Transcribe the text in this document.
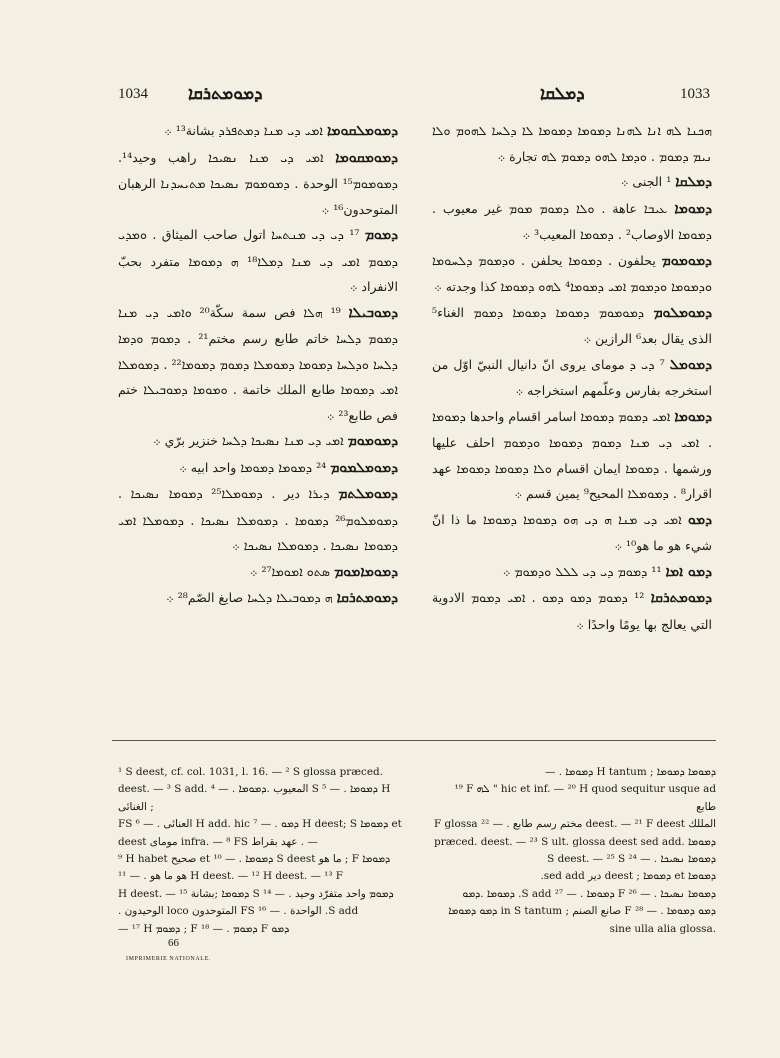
1034 ܕܡܘܡܬܪܩܐ	ܕܡܠܩܐ	1033

ܕܡܘܡܠܩܘܡܐ ܐܡܝ ܕܝ ܡܢܐ ܕܡܬܦܪܕ بشانة¹³ ܀

ܕܡܘܡܩܘܡܐ ܐܡܝ ܕܝ ܡܢܐ ܢܣܝܟܐ راهب وحيد¹⁴. ܕܡܘܡܘܡ¹⁵ الوحدة . ܕܡܘܡܘܡ ܢܣܝܟܐ ܡܬܝܚܕܢܐ الرهبان المتوحدون¹⁶ ܀

ܕܡܘܡ ¹⁷ ܕܝ ܕܝ ܡܢܬܚܐ اتول صاحب الميثاق . ܘܡܕܝ ܕܡܘܡ ܐܡܝ ܕܝ ܡܢܐ ܕܡܠܐ¹⁸ ܗ ܕܡܘܡܐ متفرد بحبّ الانفراد ܀

ܕܡܘܒܝܠܐ ¹⁹ ܗܠܐ فص سمة سكّة²⁰ ܘܐܡܝ ܕܝ ܡܢܐ ܕܡܘܡ ܕܠܚܐ خاتم طابع رسم مختم²¹ . ܕܡܘܡ ܘܕܡܐ ܕܠܚܐ ܘܕܠܚܐ ܕܡܘܡܐ ܕܡܘܡܠܐ ܕܡܘܡ ܕܡܘܡܐ²² . ܕܡܘܡܠܐ ܐܡܝ ܕܡܘܡܐ طابع الملك خاتمة . ܘܡܘܡܐ ܕܡܘܒܝܠܐ ختم فص طابع²³ ܀

ܕܡܘܡܘܡ ܐܡܝ ܕܝ ܡܢܐ ܢܣܝܟܐ ܕܠܚܐ خنزير برّي ܀

ܕܡܘܡܠܡܘܡ ²⁴ ܕܡܘܡܐ ܕܡܘܡܐ واحد ابيه ܀

ܕܡܘܡܠܬܡ ܕܝܪܐ دير . ܕܡܘܡܠܐ²⁵ ܕܡܘܡܐ ܢܣܝܟܐ . ܕܡܘܡܠܘܡ²⁶ ܕܡܘܡܐ . ܕܡܘܡܠܐ ܢܣܝܟܐ . ܕܡܘܡܠܐ ܐܡܝ ܕܡܘܡܐ ܢܣܝܟܐ . ܕܡܘܡܠܐ ܢܣܝܟܐ ܀

ܕܡܘܡܐܡܘܡ ܣܬܘ ܐܡܘܡܐ²⁷ ܀

ܕܡܘܡܬܪܩܐ ܗ ܕܡܘܒܝܠܐ ܕܠܚܐ صايغ الصّم²⁸ ܀

ܗܟܢܐ ܠܗ ܐܢܐ ܠܗܢܐ ܕܡܘܡܐ ܕܡܘܡܐ ܠܐ ܕܠܚܐ ܠܗܘܡ ܘܠܐ ܢܝܡ ܕܡܘܡ . ܘܕܡܐ ܠܗܘ ܕܡܘܡ ܠܗ تجارة ܀

ܕܡܠܩܐ ¹ الجنى ܀

ܕܡܘܡܐ ܥܝܒܐ عاهة . ܘܠܐ ܕܡܘܡ ܡܘܡ غير معيوب . ܕܡܘܡܐ الاوصاب² . ܕܡܘܡܐ المعيب³ ܀

ܕܡܘܡܘܡ يحلفون . ܕܡܘܡܐ يحلفن . ܘܕܡܘܡ ܕܠܚܘܡܐ ܘܕܡܘܡܐ ܘܕܡܘܡ ܐܡܝ ܕܡܘܡܐ⁴ ܠܗܘ ܕܡܘܡܐ كذا وجدته ܀

ܕܡܘܡܠܘܡ ܕܡܘܡܘܡ ܕܡܘܡܐ ܕܡܘܡܐ ܕܡܘܡ الغناء⁵ الذى يقال بعد⁶ الرازين ܀

ܕܡܘܡܠ ⁷ ܕܝ ܕ موماى يروى انّ دانيال النبيّ اوّل من استخرجه بفارس وعلّمهم استخراجه ܀

ܕܡܘܡܐ ܐܡܝ ܕܡܘܡ ܕܡܘܡܐ اسامر اقسام واحدها ܕܡܘܡܐ . ܐܡܝ ܕܝ ܡܢܐ ܕܡܘܡ ܕܡܘܡܐ ܘܕܡܘܡ احلف عليها ورشمها . ܕܡܘܡܐ ايمان اقسام ܘܠܐ ܕܡܘܡܐ ܕܡܘܡܐ عهد اقرار⁸ . ܕܡܘܡܠܐ المحيح⁹ يمين قسم ܀

ܕܡܘ ܐܡܝ ܕܝ ܡܢܐ ܗ ܕܝ ܗܘ ܕܡܘܡܐ ܕܡܘܡܐ ما ذا انّ شيء هو ما هو¹⁰ ܀

ܕܡܘ ܐܡܐ ¹¹ ܕܡܘܡ ܕܝ ܕܝ ܠܠܠ ܘܕܡܘܡ ܀

ܕܡܘܡܬܪܩܐ ¹² ܕܡܘܡ ܕܡܘ ܕܡܘ . ܐܡܝ ܕܡܘܡ الادوية التي يعالج بها يومًا واحدًا ܀

¹ S deest, cf. col. 1031, l. 16. — ² S glossa præced. deest. — ³ S add. المعيوب .ܕܡܘܡܐ . — ⁴ S ܕܡܘܡܐ . — ⁵ H الغنائى ;

FS العنائى . — ⁶ H add. hic ܕܡܘ . — ⁷ H deest; S ܕܡܘܡܐ et deest موماى infra. — ⁸ FS عهد بقراط . —

⁹ H habet صحيح et ܕܡܘܡܐ . — ¹⁰ S deest ما هو ; F ܕܡܘܡܐ هو ما هو . — ¹¹ H deest. — ¹² H deest. — ¹³ F

ܕܡܘܡ واحد متفرّد وحيد . — ¹⁴ S ܕܡܘܡܐ ;بشانة H deest. — ¹⁵ S add. الواحدة . — ¹⁶ FS المتوحدون loco الوحيدون .

— ¹⁷ H ܕܡܘܡ ; F ܕܡܘܡ . — ¹⁸ F ܕܡܘ

ܕܡܘܡܐ ܕܡܘܡܐ ; H tantum ܕܡܘܡܐ . —

¹⁹ F ܠܗ " hic et inf. — ²⁰ H quod sequitur usque ad طابع

المللك deest. — ²¹ F deest مختم رسم طابع . — ²² F glossa

præced. deest. — ²³ S ult. glossa deest sed add. ܕܡܘܡܐ

ܕܡܘܡܐ ܢܣܝܟܐ . — ²⁴ S deest. — ²⁵ S

ܕܡܘܡܐ et ܕܡܘܡܐ ; deest دير sed add.

ܕܡܘܡܐ ܢܣܝܟܐ . — ²⁶ F ܕܡܘܡܐ . — ²⁷ S add. ܕܡܘܡܐ .ܕܡܘ

ܕܡܘ ܕܡܘܡܐ . — ²⁸ F صانع الصنم ; in S tantum ܕܡܘ ܕܡܘܡܐ

sine ulla alia glossa.

66
IMPRIMERIE NATIONALE.
